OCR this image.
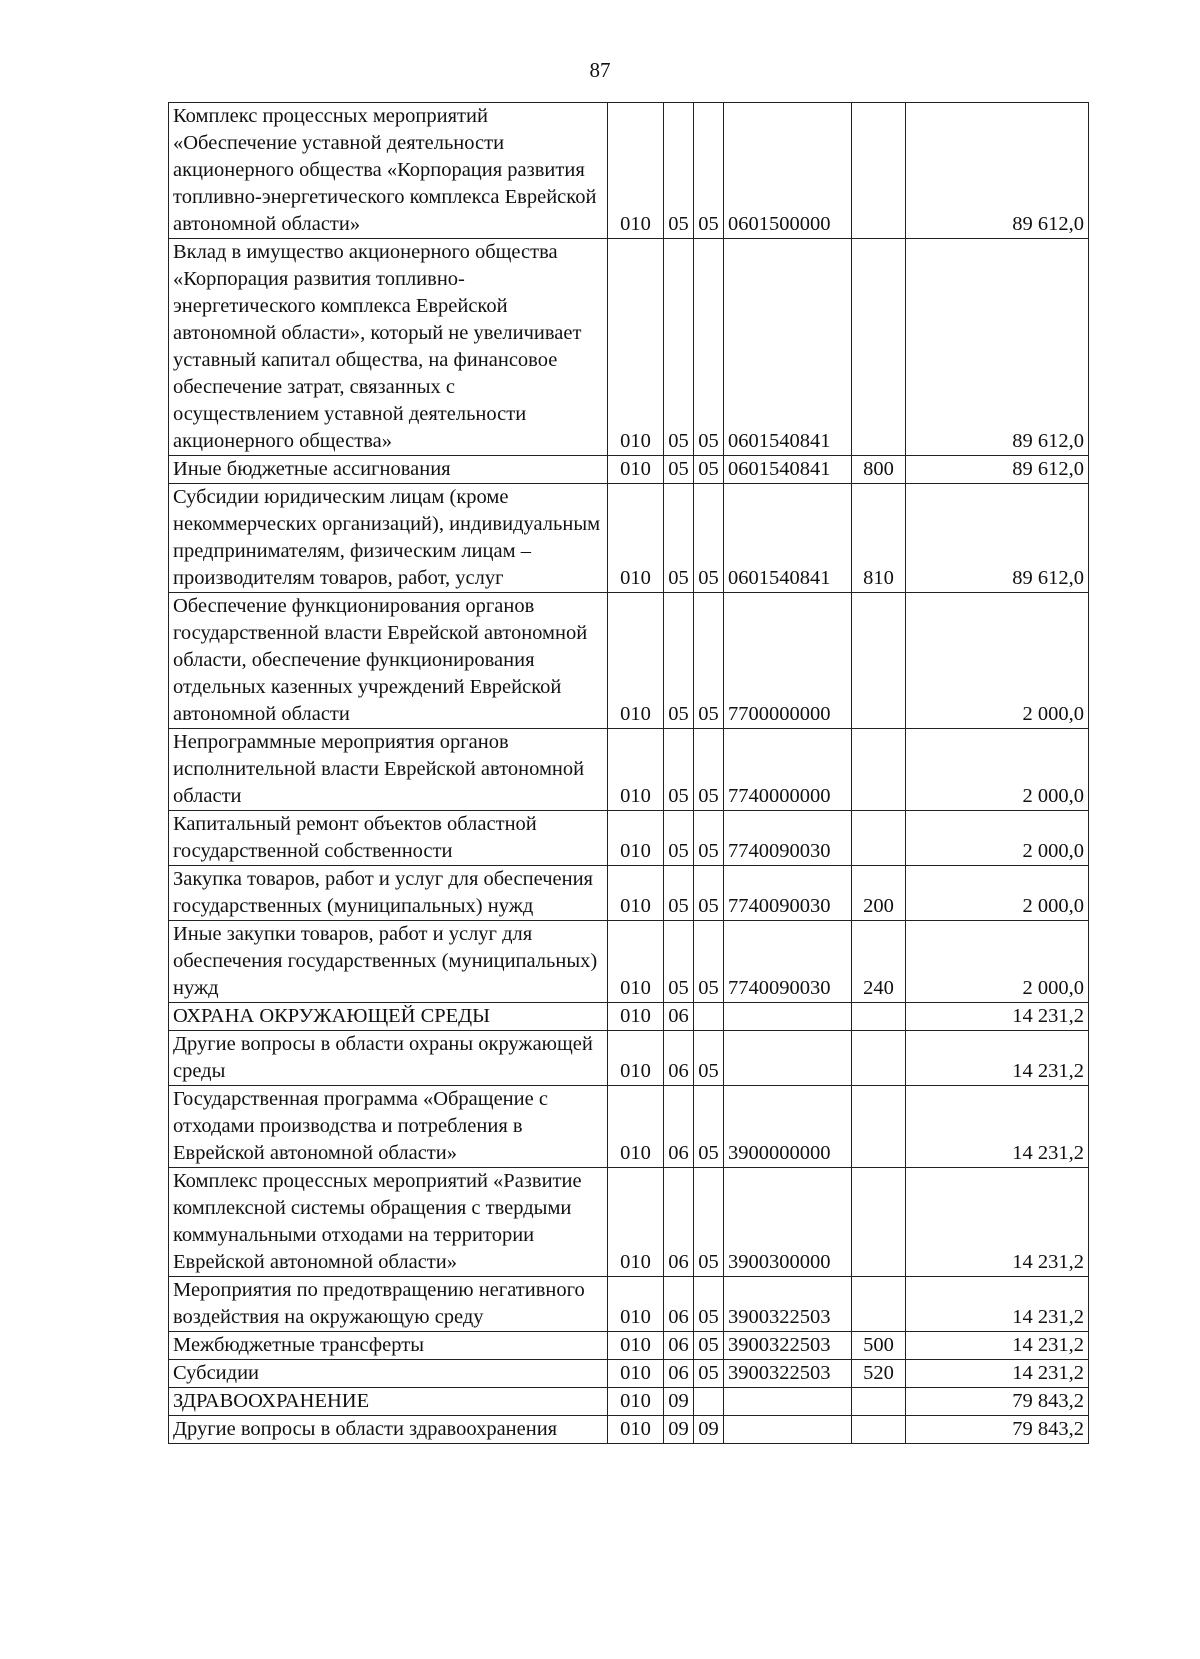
87
Комплекс процессных мероприятий «Обеспечение уставной деятельности акционерного общества «Корпорация развития топливно-энергетического комплекса Еврейской автономной области»	010	05	05	0601500000		89 612,0
Вклад в имущество акционерного общества «Корпорация развития топливно-энергетического комплекса Еврейской автономной области», который не увеличивает уставный капитал общества, на финансовое обеспечение затрат, связанных с осуществлением уставной деятельности акционерного общества»	010	05	05	0601540841		89 612,0
Иные бюджетные ассигнования	010	05	05	0601540841	800	89 612,0
Субсидии юридическим лицам (кроме некоммерческих организаций), индивидуальным предпринимателям, физическим лицам – производителям товаров, работ, услуг	010	05	05	0601540841	810	89 612,0
Обеспечение функционирования органов государственной власти Еврейской автономной области, обеспечение функционирования отдельных казенных учреждений Еврейской автономной области	010	05	05	7700000000		2 000,0
Непрограммные мероприятия органов исполнительной власти Еврейской автономной области	010	05	05	7740000000		2 000,0
Капитальный ремонт объектов областной государственной собственности	010	05	05	7740090030		2 000,0
Закупка товаров, работ и услуг для обеспечения государственных (муниципальных) нужд	010	05	05	7740090030	200	2 000,0
Иные закупки товаров, работ и услуг для обеспечения государственных (муниципальных) нужд	010	05	05	7740090030	240	2 000,0
ОХРАНА ОКРУЖАЮЩЕЙ СРЕДЫ	010	06				14 231,2
Другие вопросы в области охраны окружающей среды	010	06	05			14 231,2
Государственная программа «Обращение с отходами производства и потребления в Еврейской автономной области»	010	06	05	3900000000		14 231,2
Комплекс процессных мероприятий «Развитие комплексной системы обращения с твердыми коммунальными отходами на территории Еврейской автономной области»	010	06	05	3900300000		14 231,2
Мероприятия по предотвращению негативного воздействия на окружающую среду	010	06	05	3900322503		14 231,2
Межбюджетные трансферты	010	06	05	3900322503	500	14 231,2
Субсидии	010	06	05	3900322503	520	14 231,2
ЗДРАВООХРАНЕНИЕ	010	09				79 843,2
Другие вопросы в области здравоохранения	010	09	09			79 843,2
